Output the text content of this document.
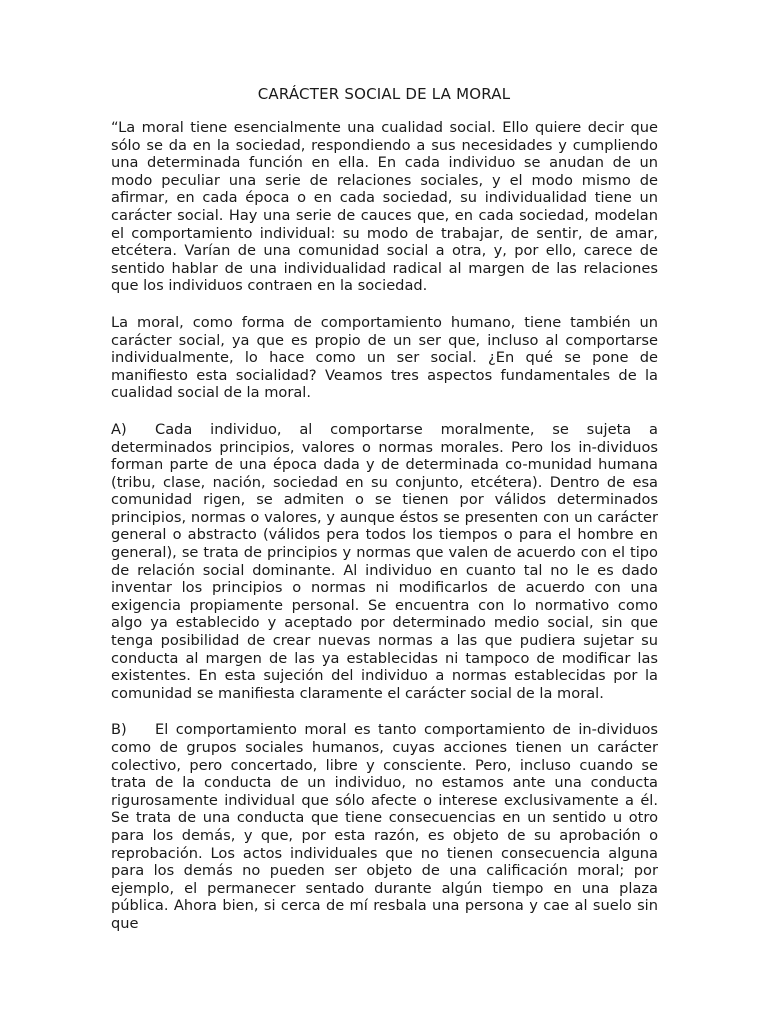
CARÁCTER SOCIAL DE LA MORAL

“La moral tiene esencialmente una cualidad social. Ello quiere decir que sólo se da en la sociedad, respondiendo a sus necesidades y cumpliendo una determinada función en ella. En cada individuo se anudan de un modo peculiar una serie de relaciones sociales, y el modo mismo de afirmar, en cada época o en cada sociedad, su individualidad tiene un carácter social. Hay una serie de cauces que, en cada sociedad, modelan el comportamiento individual: su modo de trabajar, de sentir, de amar, etcétera. Varían de una comunidad social a otra, y, por ello, carece de sentido hablar de una individualidad radical al margen de las relaciones que los individuos contraen en la sociedad.

La moral, como forma de comportamiento humano, tiene también un carácter social, ya que es propio de un ser que, incluso al comportarse individualmente, lo hace como un ser social. ¿En qué se pone de manifiesto esta socialidad? Veamos tres aspectos fundamentales de la cualidad social de la moral.

A) Cada individuo, al comportarse moralmente, se sujeta a determinados principios, valores o normas morales. Pero los in-dividuos forman parte de una época dada y de determinada co-munidad humana (tribu, clase, nación, sociedad en su conjunto, etcétera). Dentro de esa comunidad rigen, se admiten o se tienen por válidos determinados principios, normas o valores, y aunque éstos se presenten con un carácter general o abstracto (válidos pera todos los tiempos o para el hombre en general), se trata de principios y normas que valen de acuerdo con el tipo de relación social dominante. Al individuo en cuanto tal no le es dado inventar los principios o normas ni modificarlos de acuerdo con una exigencia propiamente personal. Se encuentra con lo normativo como algo ya establecido y aceptado por determinado medio social, sin que tenga posibilidad de crear nuevas normas a las que pudiera sujetar su conducta al margen de las ya establecidas ni tampoco de modificar las existentes. En esta sujeción del individuo a normas establecidas por la comunidad se manifiesta claramente el carácter social de la moral.

B) El comportamiento moral es tanto comportamiento de in-dividuos como de grupos sociales humanos, cuyas acciones tienen un carácter colectivo, pero concertado, libre y consciente. Pero, incluso cuando se trata de la conducta de un individuo, no estamos ante una conducta rigurosamente individual que sólo afecte o interese exclusivamente a él. Se trata de una conducta que tiene consecuencias en un sentido u otro para los demás, y que, por esta razón, es objeto de su aprobación o reprobación. Los actos individuales que no tienen consecuencia alguna para los demás no pueden ser objeto de una calificación moral; por ejemplo, el permanecer sentado durante algún tiempo en una plaza pública. Ahora bien, si cerca de mí resbala una persona y cae al suelo sin que
